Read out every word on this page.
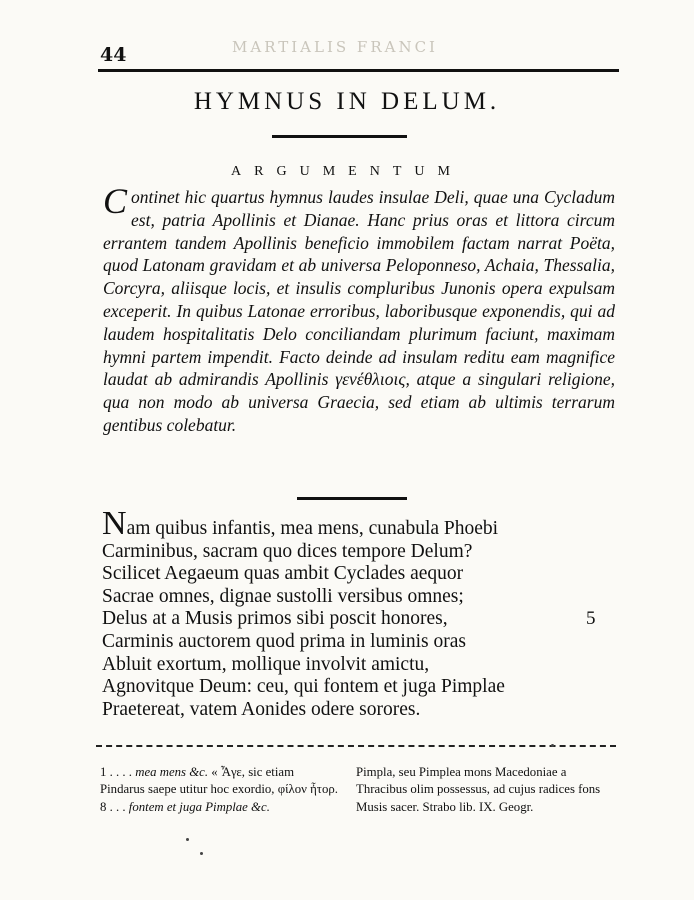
MARTIALIS FRANCI
44
HYMNUS IN DELUM.
ARGUMENTUM
Continet hic quartus hymnus laudes insulae Deli, quae una Cycladum est, patria Apollinis et Dianae. Hanc prius oras et littora circum errantem tandem Apollinis beneficio immobilem factam narrat Poëta, quod Latonam gravidam et ab universa Peloponneso, Achaia, Thessalia, Corcyra, aliisque locis, et insulis compluribus Junonis opera expulsam exceperit. In quibus Latonae erroribus, laboribusque exponendis, qui ad laudem hospitalitatis Delo conciliandam plurimum faciunt, maximam hymni partem impendit. Facto deinde ad insulam reditu eam magnifice laudat ab admirandis Apollinis γενέθλιοις, atque a singulari religione, qua non modo ab universa Graecia, sed etiam ab ultimis terrarum gentibus colebatur.
Nam quibus infantis, mea mens, cunabula Phoebi
Carminibus, sacram quo dices tempore Delum?
Scilicet Aegaeum quas ambit Cyclades aequor
Sacrae omnes, dignae sustolli versibus omnes;
Delus at a Musis primos sibi poscit honores,	5
Carminis auctorem quod prima in luminis oras
Abluit exortum, mollique involvit amictu,
Agnovitque Deum: ceu, qui fontem et juga Pimplae
Praetereat, vatem Aonides odere sorores.
1 . . . . mea mens &c. « Ἆγε, sic etiam Pindarus saepe utitur hoc exordio, φίλον ἦτορ.
8 . . . fontem et juga Pimplae &c.
Pimpla, seu Pimplea mons Macedoniae a Thracibus olim possessus, ad cujus radices fons Musis sacer. Strabo lib. IX. Geogr.
